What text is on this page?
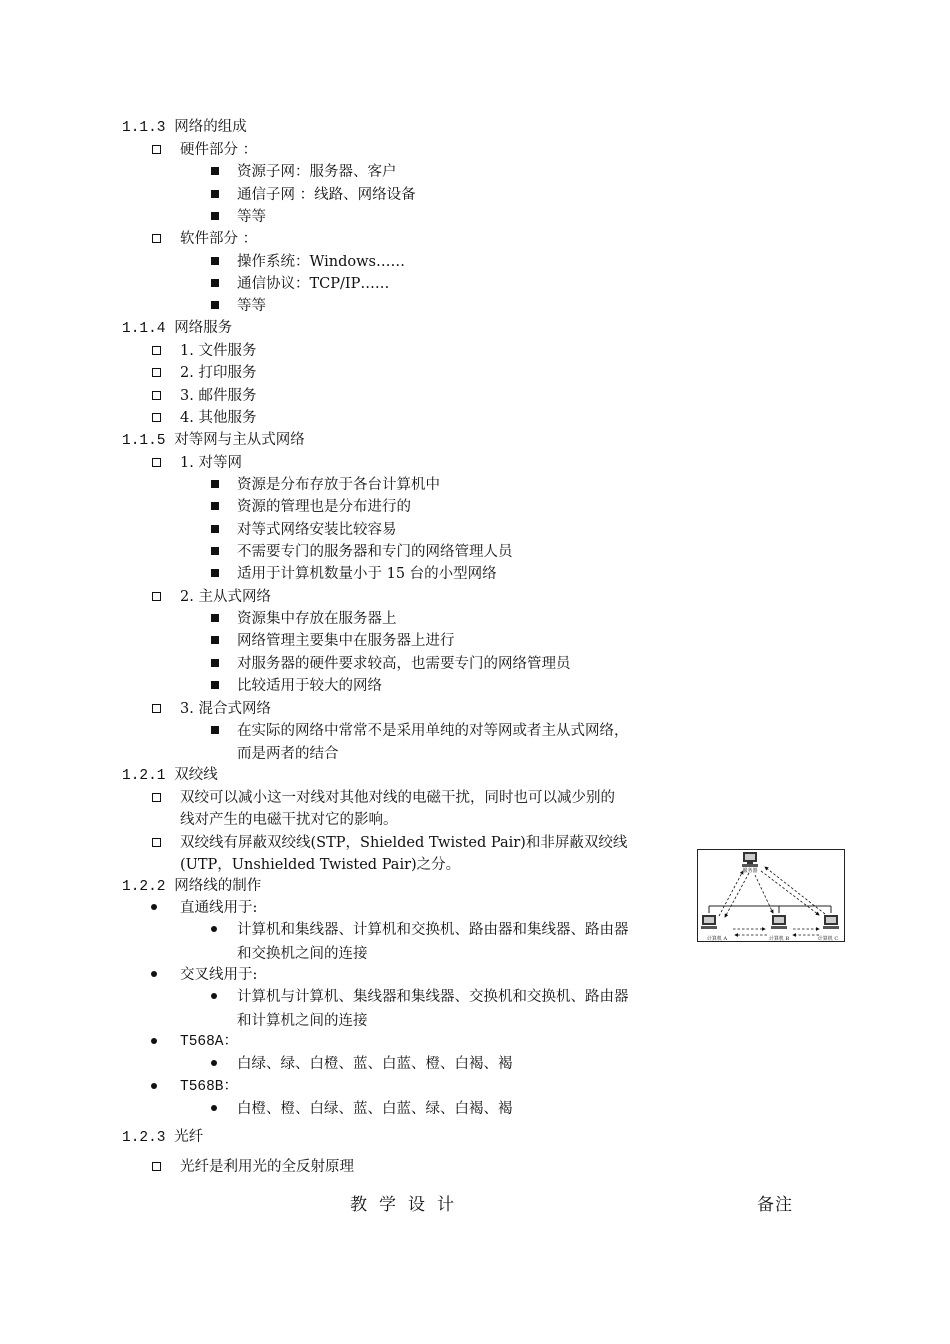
1.1.3 网络的组成
硬件部分 ：
资源子网：服务器、客户
通信子网 ：线路、网络设备
等等
软件部分 ：
操作系统：Windows……
通信协议：TCP/IP……
等等
1.1.4 网络服务
1. 文件服务
2. 打印服务
3. 邮件服务
4. 其他服务
1.1.5 对等网与主从式网络
1. 对等网
资源是分布存放于各台计算机中
资源的管理也是分布进行的
对等式网络安装比较容易
不需要专门的服务器和专门的网络管理人员
适用于计算机数量小于 15 台的小型网络
2. 主从式网络
资源集中存放在服务器上
网络管理主要集中在服务器上进行
对服务器的硬件要求较高，也需要专门的网络管理员
比较适用于较大的网络
3. 混合式网络
在实际的网络中常常不是采用单纯的对等网或者主从式网络，
而是两者的结合
1.2.1 双绞线
双绞可以减小这一对线对其他对线的电磁干扰，同时也可以减少别的
线对产生的电磁干扰对它的影响。
双绞线有屏蔽双绞线(STP，Shielded Twisted Pair)和非屏蔽双绞线
(UTP，Unshielded Twisted Pair)之分。	服务器
计算机 A	计算机 B	计算机 C
1.2.2 网络线的制作
直通线用于:
计算机和集线器、计算机和交换机、路由器和集线器、路由器
和交换机之间的连接
交叉线用于:
计算机与计算机、集线器和集线器、交换机和交换机、路由器
和计算机之间的连接
T568A：
白绿、绿、白橙、蓝、白蓝、橙、白褐、褐
T568B：
白橙、橙、白绿、蓝、白蓝、绿、白褐、褐
1.2.3 光纤
光纤是利用光的全反射原理
教学设计	备注
